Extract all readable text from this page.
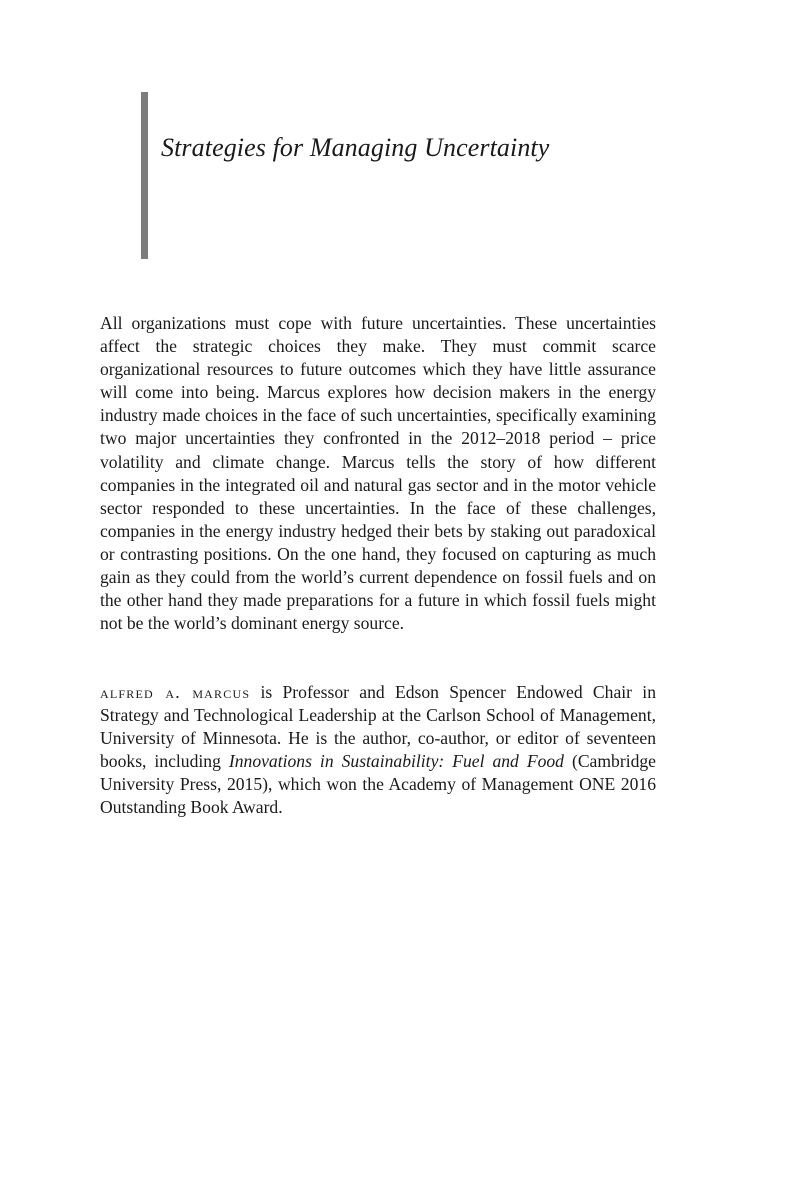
Strategies for Managing Uncertainty

All organizations must cope with future uncertainties. These uncertainties affect the strategic choices they make. They must commit scarce organizational resources to future outcomes which they have little assurance will come into being. Marcus explores how decision makers in the energy industry made choices in the face of such uncertainties, specifically examining two major uncertainties they confronted in the 2012–2018 period – price volatility and climate change. Marcus tells the story of how different companies in the integrated oil and natural gas sector and in the motor vehicle sector responded to these uncertainties. In the face of these challenges, companies in the energy industry hedged their bets by staking out paradoxical or contrasting positions. On the one hand, they focused on capturing as much gain as they could from the world’s current dependence on fossil fuels and on the other hand they made preparations for a future in which fossil fuels might not be the world’s dominant energy source.

alfred a. marcus is Professor and Edson Spencer Endowed Chair in Strategy and Technological Leadership at the Carlson School of Management, University of Minnesota. He is the author, co-author, or editor of seventeen books, including Innovations in Sustainability: Fuel and Food (Cambridge University Press, 2015), which won the Academy of Management ONE 2016 Outstanding Book Award.
